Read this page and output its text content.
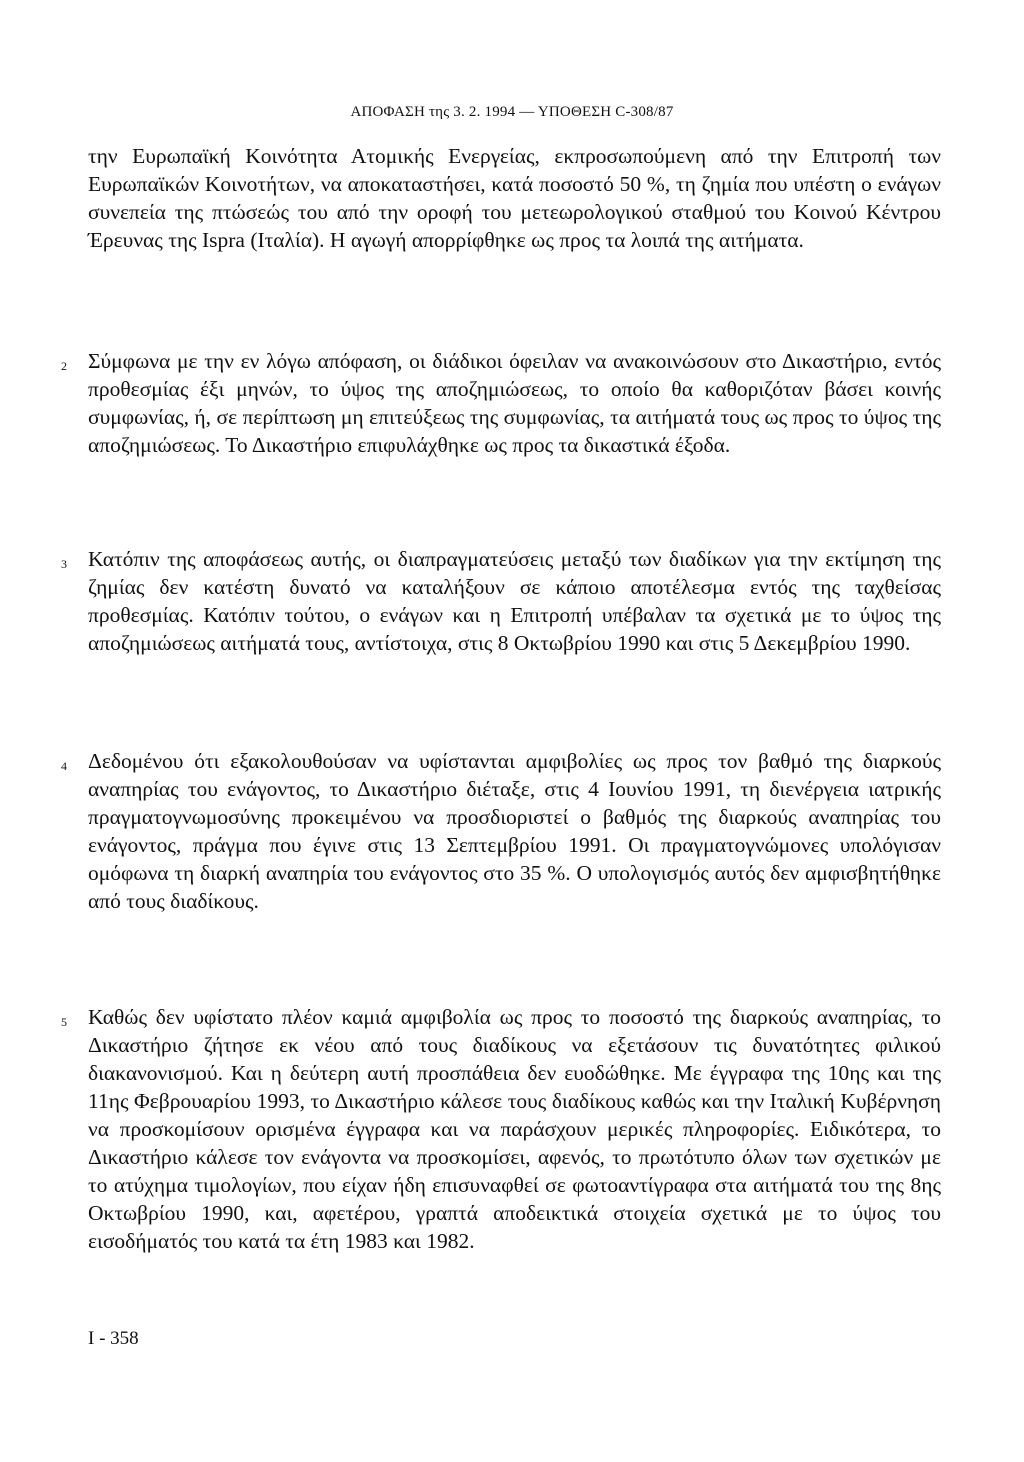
ΑΠΟΦΑΣΗ της 3. 2. 1994 — ΥΠΟΘΕΣΗ C-308/87
την Ευρωπαϊκή Κοινότητα Ατομικής Ενεργείας, εκπροσωπούμενη από την Επιτροπή των Ευρωπαϊκών Κοινοτήτων, να αποκαταστήσει, κατά ποσοστό 50 %, τη ζημία που υπέστη ο ενάγων συνεπεία της πτώσεώς του από την οροφή του μετεωρολογικού σταθμού του Κοινού Κέντρου Έρευνας της Ispra (Ιταλία). Η αγωγή απορρίφθηκε ως προς τα λοιπά της αιτήματα.
2 Σύμφωνα με την εν λόγω απόφαση, οι διάδικοι όφειλαν να ανακοινώσουν στο Δικαστήριο, εντός προθεσμίας έξι μηνών, το ύψος της αποζημιώσεως, το οποίο θα καθοριζόταν βάσει κοινής συμφωνίας, ή, σε περίπτωση μη επιτεύξεως της συμφωνίας, τα αιτήματά τους ως προς το ύψος της αποζημιώσεως. Το Δικαστήριο επιφυλάχθηκε ως προς τα δικαστικά έξοδα.
3 Κατόπιν της αποφάσεως αυτής, οι διαπραγματεύσεις μεταξύ των διαδίκων για την εκτίμηση της ζημίας δεν κατέστη δυνατό να καταλήξουν σε κάποιο αποτέλεσμα εντός της ταχθείσας προθεσμίας. Κατόπιν τούτου, ο ενάγων και η Επιτροπή υπέβαλαν τα σχετικά με το ύψος της αποζημιώσεως αιτήματά τους, αντίστοιχα, στις 8 Οκτωβρίου 1990 και στις 5 Δεκεμβρίου 1990.
4 Δεδομένου ότι εξακολουθούσαν να υφίστανται αμφιβολίες ως προς τον βαθμό της διαρκούς αναπηρίας του ενάγοντος, το Δικαστήριο διέταξε, στις 4 Ιουνίου 1991, τη διενέργεια ιατρικής πραγματογνωμοσύνης προκειμένου να προσδιοριστεί ο βαθμός της διαρκούς αναπηρίας του ενάγοντος, πράγμα που έγινε στις 13 Σεπτεμβρίου 1991. Οι πραγματογνώμονες υπολόγισαν ομόφωνα τη διαρκή αναπηρία του ενάγοντος στο 35 %. Ο υπολογισμός αυτός δεν αμφισβητήθηκε από τους διαδίκους.
5 Καθώς δεν υφίστατο πλέον καμιά αμφιβολία ως προς το ποσοστό της διαρκούς αναπηρίας, το Δικαστήριο ζήτησε εκ νέου από τους διαδίκους να εξετάσουν τις δυνατότητες φιλικού διακανονισμού. Και η δεύτερη αυτή προσπάθεια δεν ευοδώθηκε. Με έγγραφα της 10ης και της 11ης Φεβρουαρίου 1993, το Δικαστήριο κάλεσε τους διαδίκους καθώς και την Ιταλική Κυβέρνηση να προσκομίσουν ορισμένα έγγραφα και να παράσχουν μερικές πληροφορίες. Ειδικότερα, το Δικαστήριο κάλεσε τον ενάγοντα να προσκομίσει, αφενός, το πρωτότυπο όλων των σχετικών με το ατύχημα τιμολογίων, που είχαν ήδη επισυναφθεί σε φωτοαντίγραφα στα αιτήματά του της 8ης Οκτωβρίου 1990, και, αφετέρου, γραπτά αποδεικτικά στοιχεία σχετικά με το ύψος του εισοδήματός του κατά τα έτη 1983 και 1982.
I - 358
